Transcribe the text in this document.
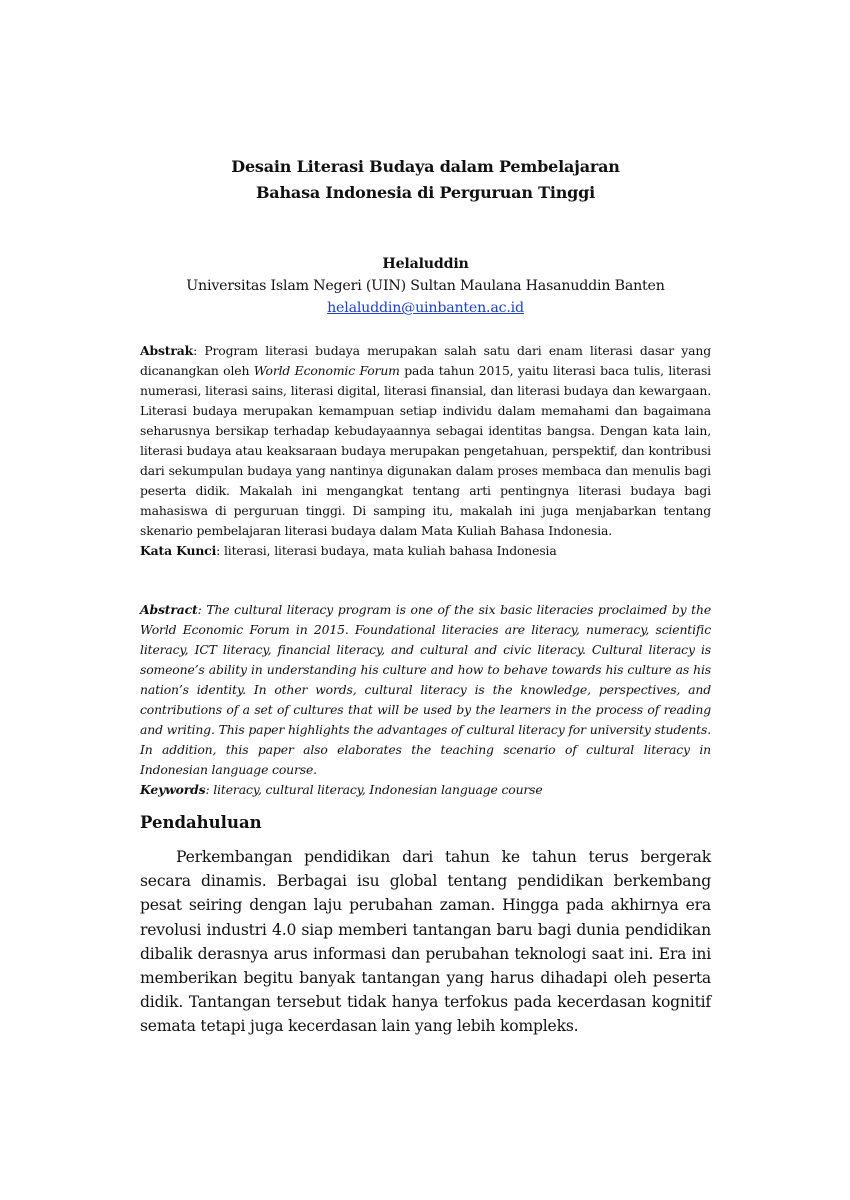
Desain Literasi Budaya dalam Pembelajaran
Bahasa Indonesia di Perguruan Tinggi
Helaluddin
Universitas Islam Negeri (UIN) Sultan Maulana Hasanuddin Banten
helaluddin@uinbanten.ac.id
Abstrak: Program literasi budaya merupakan salah satu dari enam literasi dasar yang dicanangkan oleh World Economic Forum pada tahun 2015, yaitu literasi baca tulis, literasi numerasi, literasi sains, literasi digital, literasi finansial, dan literasi budaya dan kewargaan. Literasi budaya merupakan kemampuan setiap individu dalam memahami dan bagaimana seharusnya bersikap terhadap kebudayaannya sebagai identitas bangsa. Dengan kata lain, literasi budaya atau keaksaraan budaya merupakan pengetahuan, perspektif, dan kontribusi dari sekumpulan budaya yang nantinya digunakan dalam proses membaca dan menulis bagi peserta didik. Makalah ini mengangkat tentang arti pentingnya literasi budaya bagi mahasiswa di perguruan tinggi. Di samping itu, makalah ini juga menjabarkan tentang skenario pembelajaran literasi budaya dalam Mata Kuliah Bahasa Indonesia.
Kata Kunci: literasi, literasi budaya, mata kuliah bahasa Indonesia
Abstract: The cultural literacy program is one of the six basic literacies proclaimed by the World Economic Forum in 2015. Foundational literacies are literacy, numeracy, scientific literacy, ICT literacy, financial literacy, and cultural and civic literacy. Cultural literacy is someone’s ability in understanding his culture and how to behave towards his culture as his nation’s identity. In other words, cultural literacy is the knowledge, perspectives, and contributions of a set of cultures that will be used by the learners in the process of reading and writing. This paper highlights the advantages of cultural literacy for university students. In addition, this paper also elaborates the teaching scenario of cultural literacy in Indonesian language course.
Keywords: literacy, cultural literacy, Indonesian language course
Pendahuluan
Perkembangan pendidikan dari tahun ke tahun terus bergerak secara dinamis. Berbagai isu global tentang pendidikan berkembang pesat seiring dengan laju perubahan zaman. Hingga pada akhirnya era revolusi industri 4.0 siap memberi tantangan baru bagi dunia pendidikan dibalik derasnya arus informasi dan perubahan teknologi saat ini. Era ini memberikan begitu banyak tantangan yang harus dihadapi oleh peserta didik. Tantangan tersebut tidak hanya terfokus pada kecerdasan kognitif semata tetapi juga kecerdasan lain yang lebih kompleks.
